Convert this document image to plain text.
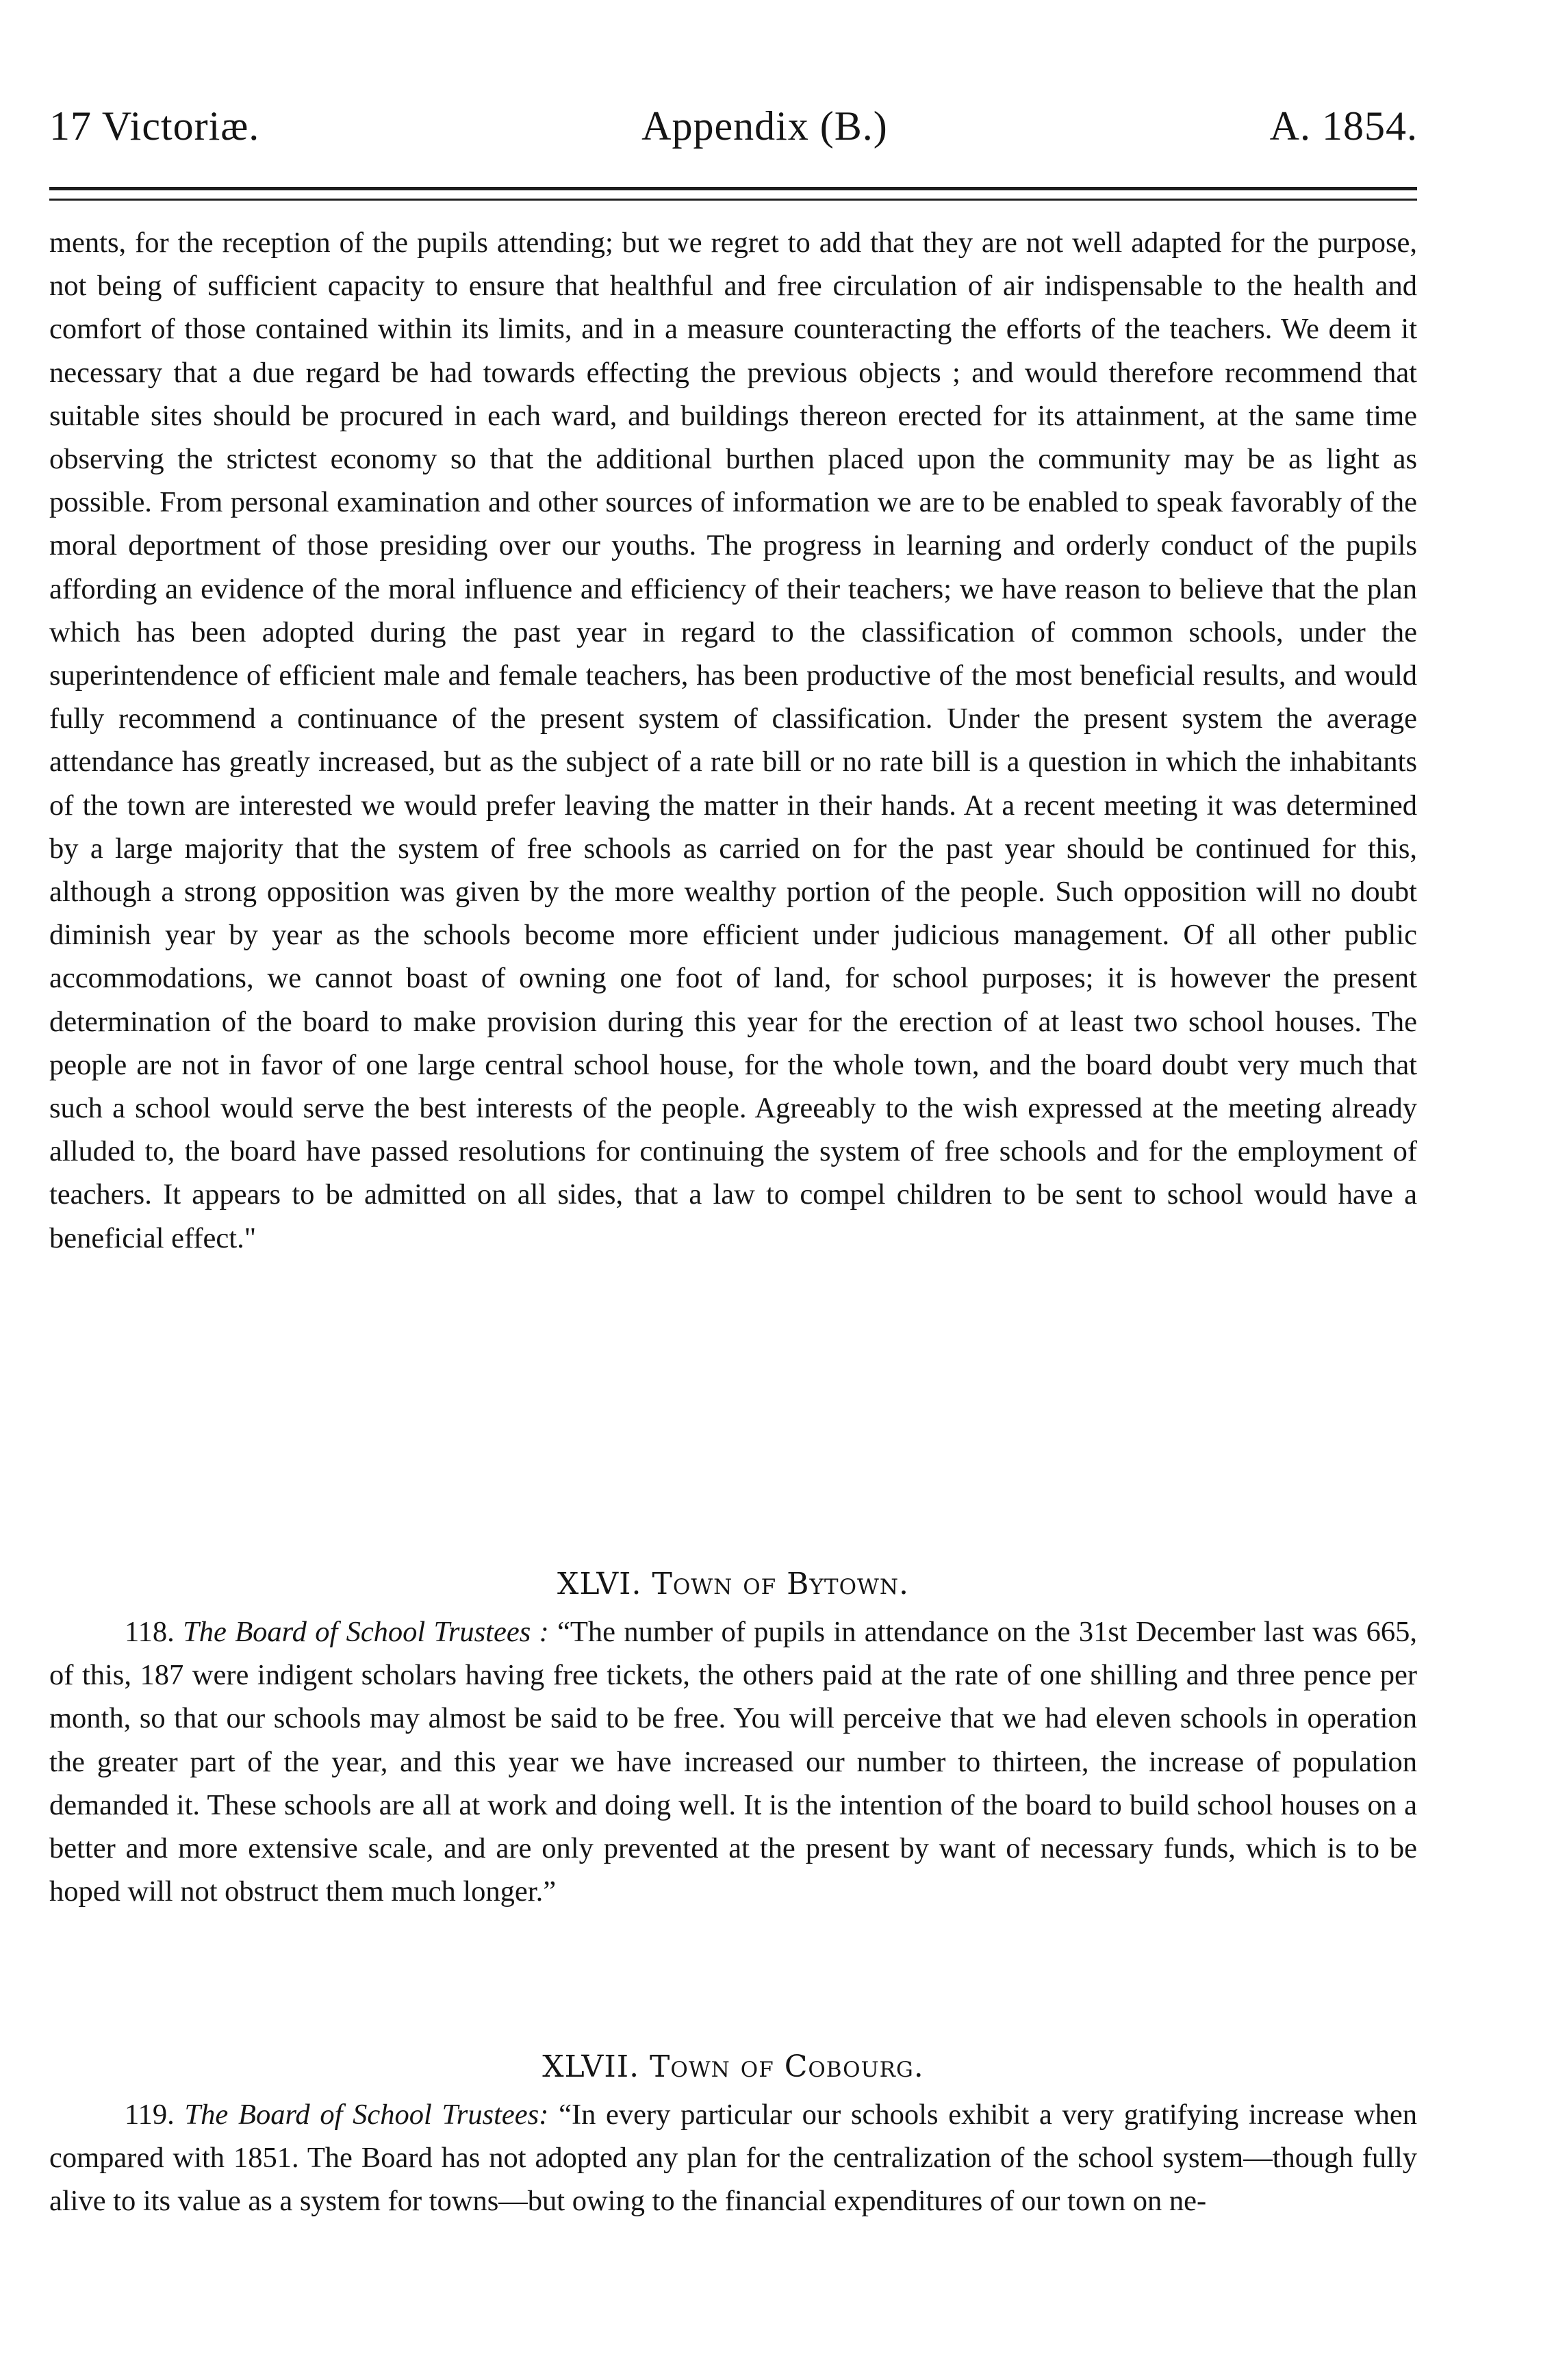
17 Victoriæ.	Appendix (B.)	A. 1854.

ments, for the reception of the pupils attending; but we regret to add that they are not well adapted for the purpose, not being of sufficient capacity to ensure that healthful and free circulation of air indispensable to the health and comfort of those contained within its limits, and in a measure counteracting the efforts of the teachers. We deem it necessary that a due regard be had towards effecting the previous objects ; and would therefore recommend that suitable sites should be procured in each ward, and buildings thereon erected for its attainment, at the same time observing the strictest economy so that the additional burthen placed upon the community may be as light as possible. From personal examination and other sources of information we are to be enabled to speak favorably of the moral deportment of those presiding over our youths. The progress in learning and orderly conduct of the pupils affording an evidence of the moral influence and efficiency of their teachers; we have reason to believe that the plan which has been adopted during the past year in regard to the classification of common schools, under the superintendence of efficient male and female teachers, has been productive of the most beneficial results, and would fully recommend a continuance of the present system of classification. Under the present system the average attendance has greatly increased, but as the subject of a rate bill or no rate bill is a question in which the inhabitants of the town are interested we would prefer leaving the matter in their hands. At a recent meeting it was determined by a large majority that the system of free schools as carried on for the past year should be continued for this, although a strong opposition was given by the more wealthy portion of the people. Such opposition will no doubt diminish year by year as the schools become more efficient under judicious management. Of all other public accommodations, we cannot boast of owning one foot of land, for school purposes; it is however the present determination of the board to make provision during this year for the erection of at least two school houses. The people are not in favor of one large central school house, for the whole town, and the board doubt very much that such a school would serve the best interests of the people. Agreeably to the wish expressed at the meeting already alluded to, the board have passed resolutions for continuing the system of free schools and for the employment of teachers. It appears to be admitted on all sides, that a law to compel children to be sent to school would have a beneficial effect."

XLVI. Town of Bytown.

118. The Board of School Trustees : “The number of pupils in attendance on the 31st December last was 665, of this, 187 were indigent scholars having free tickets, the others paid at the rate of one shilling and three pence per month, so that our schools may almost be said to be free. You will perceive that we had eleven schools in operation the greater part of the year, and this year we have increased our number to thirteen, the increase of population demanded it. These schools are all at work and doing well. It is the intention of the board to build school houses on a better and more extensive scale, and are only prevented at the present by want of necessary funds, which is to be hoped will not obstruct them much longer.”

XLVII. Town of Cobourg.

119. The Board of School Trustees: “In every particular our schools exhibit a very gratifying increase when compared with 1851. The Board has not adopted any plan for the centralization of the school system—though fully alive to its value as a system for towns—but owing to the financial expenditures of our town on ne-
